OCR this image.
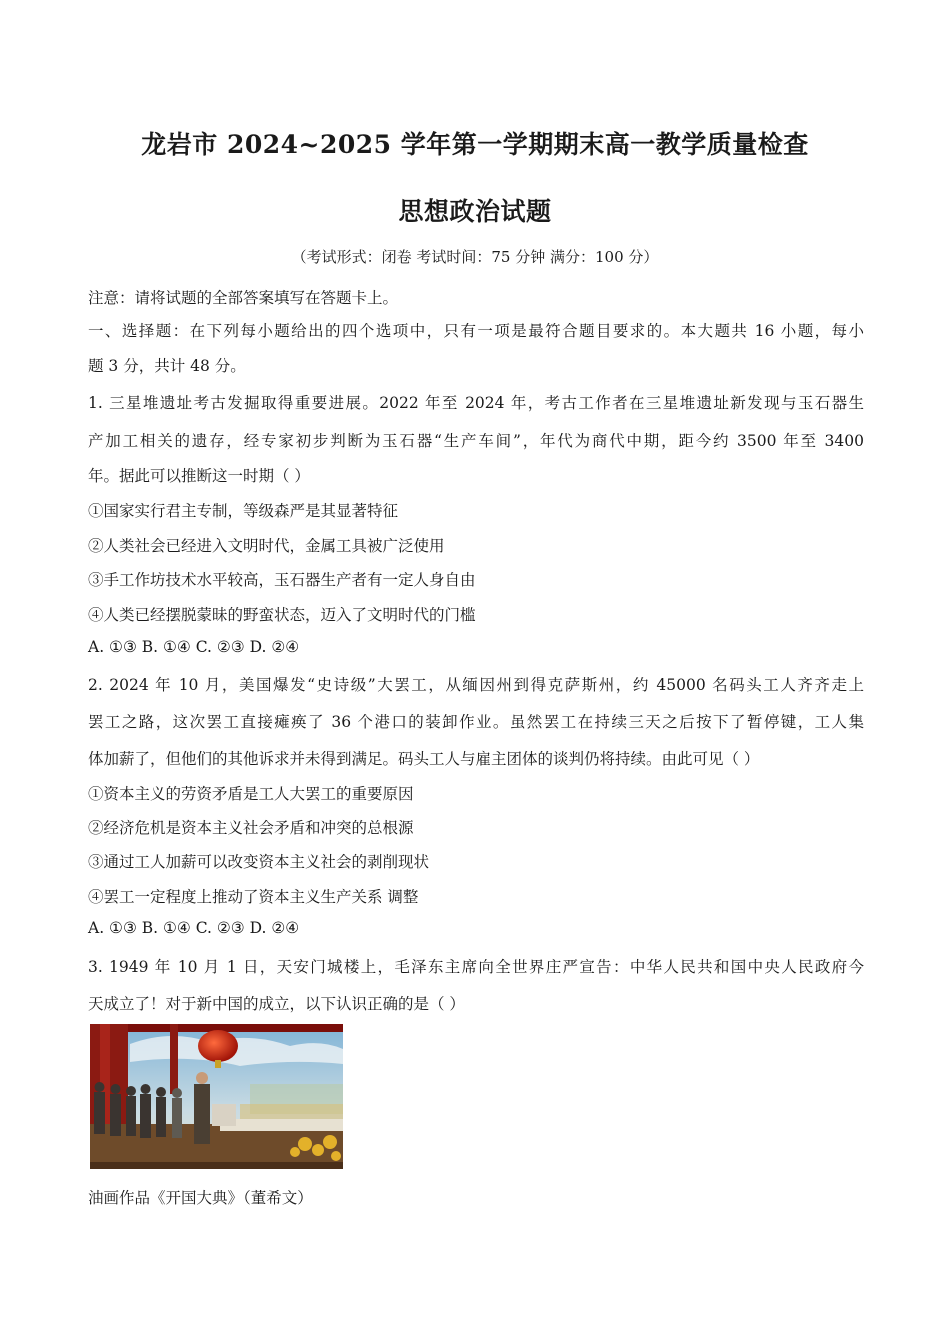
龙岩市 2024~2025 学年第一学期期末高一教学质量检查
思想政治试题
（考试形式：闭卷 考试时间：75 分钟 满分：100 分）
注意：请将试题的全部答案填写在答题卡上。
一、选择题：在下列每小题给出的四个选项中，只有一项是最符合题目要求的。本大题共 16 小题，每小
题 3 分，共计 48 分。
1. 三星堆遗址考古发掘取得重要进展。2022 年至 2024 年，考古工作者在三星堆遗址新发现与玉石器生
产加工相关的遗存，经专家初步判断为玉石器“生产车间”，年代为商代中期，距今约 3500 年至 3400
年。据此可以推断这一时期（ ）
①国家实行君主专制，等级森严是其显著特征
②人类社会已经进入文明时代，金属工具被广泛使用
③手工作坊技术水平较高，玉石器生产者有一定人身自由
④人类已经摆脱蒙昧的野蛮状态，迈入了文明时代的门槛
A. ①③ B. ①④ C. ②③ D. ②④
2. 2024 年 10 月，美国爆发“史诗级”大罢工，从缅因州到得克萨斯州，约 45000 名码头工人齐齐走上
罢工之路，这次罢工直接瘫痪了 36 个港口的装卸作业。虽然罢工在持续三天之后按下了暂停键，工人集
体加薪了，但他们的其他诉求并未得到满足。码头工人与雇主团体的谈判仍将持续。由此可见（ ）
①资本主义的劳资矛盾是工人大罢工的重要原因
②经济危机是资本主义社会矛盾和冲突的总根源
③通过工人加薪可以改变资本主义社会的剥削现状
④罢工一定程度上推动了资本主义生产关系 调整
A. ①③ B. ①④ C. ②③ D. ②④
3. 1949 年 10 月 1 日，天安门城楼上，毛泽东主席向全世界庄严宣告：中华人民共和国中央人民政府今
天成立了！对于新中国的成立，以下认识正确的是（ ）
油画作品《开国大典》（董希文）
